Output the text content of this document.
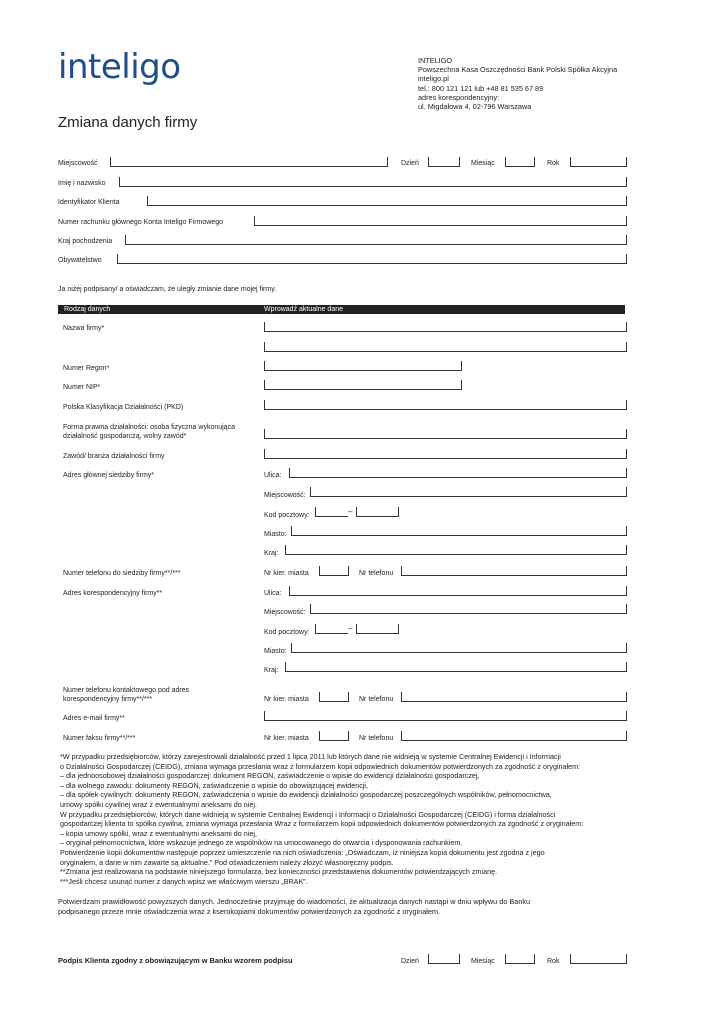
inteligo	INTELIGO
Powszechna Kasa Oszczędności Bank Polski Spółka Akcyjna
inteligo.pl
tel.: 800 121 121 lub +48 81 535 67 89
adres korespondencyjny:
ul. Migdałowa 4, 02-796 Warszawa
Zmiana danych firmy
Miejscowość	Dzień	Miesiąc	Rok
Imię i nazwisko
Identyfikator Klienta
Numer rachunku głównego Konta Inteligo Firmowego
Kraj pochodzenia
Obywatelstwo
Ja niżej podpisany/ a oświadczam, że uległy zmianie dane mojej firmy.
Rodzaj danych	Wprowadź aktualne dane
Nazwa firmy*
Numer Regon*
Numer NIP*
Polska Klasyfikacja Działalności (PKD)
Forma prawna działalności: osoba fizyczna wykonująca
działalność gospodarczą, wolny zawód*
Zawód/ branża działalności firmy
Adres głównej siedziby firmy*	Ulica:
Miejscowość:
Kod pocztowy:	–
Miasto:
Kraj:
Numer telefonu do siedziby firmy**/***	Nr kier. miasta	Nr telefonu
Adres korespondencyjny firmy**	Ulica:
Miejscowość:
Kod pocztowy:	–
Miasto:
Kraj:
Numer telefonu kontaktowego pod adres
korespondencyjny firmy**/***	Nr kier. miasta	Nr telefonu
Adres e-mail firmy**
Numer faksu firmy**/***	Nr kier. miasta	Nr telefonu
*W przypadku przedsiębiorców, którzy zarejestrowali działalność przed 1 lipca 2011 lub których dane nie widnieją w systemie Centralnej Ewidencji i Informacji
o Działalności Gospodarczej (CEIDG), zmiana wymaga przesłania wraz z formularzem kopii odpowiednich dokumentów potwierdzonych za zgodność z oryginałem:
– dla jednoosobowej działalności gospodarczej: dokument REGON, zaświadczenie o wpisie do ewidencji działalności gospodarczej,
– dla wolnego zawodu: dokumenty REGON, zaświadczenie o wpisie do obowiązującej ewidencji,
– dla spółek cywilnych: dokumenty REGON, zaświadczenia o wpisie do ewidencji działalności gospodarczej poszczególnych wspólników, pełnomocnictwa,
umowy spółki cywilnej wraz z ewentualnymi aneksami do niej.
W przypadku przedsiębiorców, których dane widnieją w systemie Centralnej Ewidencji i Informacji o Działalności Gospodarczej (CEIDG) i forma działalności
gospodarczej klienta to spółka cywilna, zmiana wymaga przesłania Wraz z formularzem kopii odpowiednich dokumentów potwierdzonych za zgodność z oryginałem:
– kopia umowy spółki, wraz z ewentualnymi aneksami do niej,
– oryginał pełnomocnictwa, które wskazuje jednego ze wspólników na umocowanego do otwarcia i dysponowania rachunkiem.
Potwierdzenie kopii dokumentów następuje poprzez umieszczenie na nich oświadczenia: „Oświadczam, iż niniejsza kopia dokumentu jest zgodna z jego
oryginałem, a dane w nim zawarte są aktualne.” Pod oświadczeniem należy złożyć własnoręczny podpis.
**Zmiana jest realizowana na podstawie niniejszego formularza, bez konieczności przedstawienia dokumentów potwierdzających zmianę.
***Jeśli chcesz usunąć numer z danych wpisz we właściwym wierszu „BRAK”.
Potwierdzam prawidłowość powyższych danych. Jednocześnie przyjmuję do wiadomości, że aktualizacja danych nastąpi w dniu wpływu do Banku
podpisanego przeze mnie oświadczenia wraz z kserokopiami dokumentów potwierdzonych za zgodność z oryginałem.
Podpis Klienta zgodny z obowiązującym w Banku wzorem podpisu	Dzień	Miesiąc	Rok
